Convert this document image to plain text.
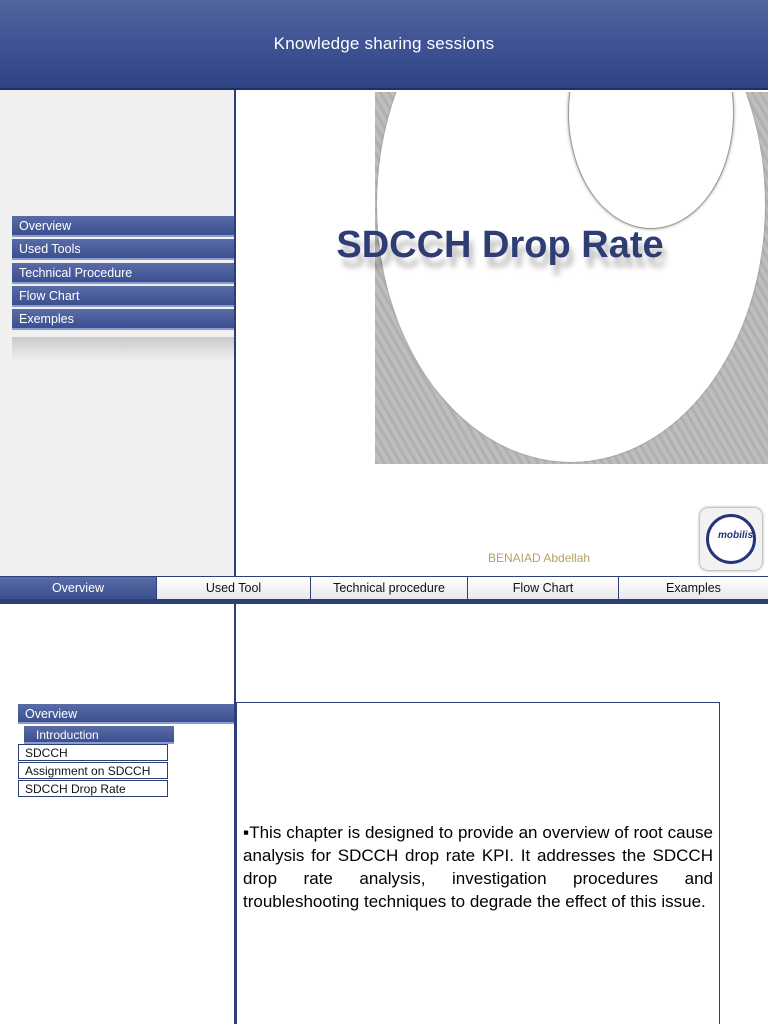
Knowledge sharing sessions
Overview
Used Tools
Technical Procedure
Flow Chart
Exemples
SDCCH Drop Rate
BENAIAD Abdellah
mobilis
Overview	Used Tool	Technical procedure	Flow Chart	Examples
Overview
Introduction
SDCCH
Assignment on SDCCH
SDCCH Drop Rate
▪This chapter is designed to provide an overview of root cause analysis for SDCCH drop rate KPI. It addresses the SDCCH drop rate analysis, investigation procedures and troubleshooting techniques to degrade the effect of this issue.
